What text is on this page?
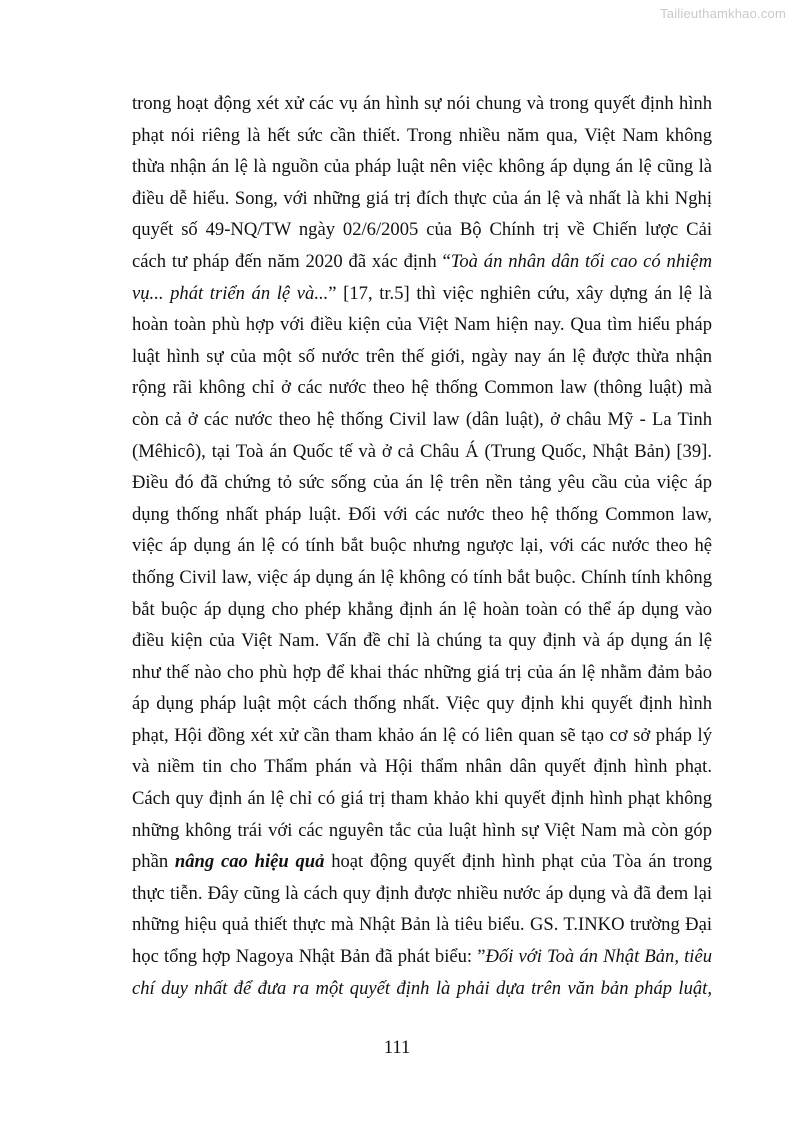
Tailieuthamkhao.com
trong hoạt động xét xử các vụ án hình sự nói chung và trong quyết định hình
phạt nói riêng là hết sức cần thiết. Trong nhiều năm qua, Việt Nam không
thừa nhận án lệ là nguồn của pháp luật nên việc không áp dụng án lệ cũng là
điều dễ hiểu. Song, với những giá trị đích thực của án lệ và nhất là khi Nghị
quyết số 49-NQ/TW ngày 02/6/2005 của Bộ Chính trị về Chiến lược Cải
cách tư pháp đến năm 2020 đã xác định “Toà án nhân dân tối cao có nhiệm
vụ... phát triển án lệ và...” [17, tr.5] thì việc nghiên cứu, xây dựng án lệ là
hoàn toàn phù hợp với điều kiện của Việt Nam hiện nay. Qua tìm hiểu pháp
luật hình sự của một số nước trên thế giới, ngày nay án lệ được thừa nhận
rộng rãi không chỉ ở các nước theo hệ thống Common law (thông luật) mà
còn cả ở các nước theo hệ thống Civil law (dân luật), ở châu Mỹ - La Tinh
(Mêhicô), tại Toà án Quốc tế và ở cả Châu Á (Trung Quốc, Nhật Bản) [39].
Điều đó đã chứng tỏ sức sống của án lệ trên nền tảng yêu cầu của việc áp
dụng thống nhất pháp luật. Đối với các nước theo hệ thống Common law,
việc áp dụng án lệ có tính bắt buộc nhưng ngược lại, với các nước theo hệ
thống Civil law, việc áp dụng án lệ không có tính bắt buộc. Chính tính không
bắt buộc áp dụng cho phép khẳng định án lệ hoàn toàn có thể áp dụng vào
điều kiện của Việt Nam. Vấn đề chỉ là chúng ta quy định và áp dụng án lệ
như thế nào cho phù hợp để khai thác những giá trị của án lệ nhằm đảm bảo
áp dụng pháp luật một cách thống nhất. Việc quy định khi quyết định hình
phạt, Hội đồng xét xử cần tham khảo án lệ có liên quan sẽ tạo cơ sở pháp lý
và niềm tin cho Thẩm phán và Hội thẩm nhân dân quyết định hình phạt.
Cách quy định án lệ chỉ có giá trị tham khảo khi quyết định hình phạt không
những không trái với các nguyên tắc của luật hình sự Việt Nam mà còn góp
phần nâng cao hiệu quả hoạt động quyết định hình phạt của Tòa án trong
thực tiễn. Đây cũng là cách quy định được nhiều nước áp dụng và đã đem lại
những hiệu quả thiết thực mà Nhật Bản là tiêu biểu. GS. T.INKO trường Đại
học tổng hợp Nagoya Nhật Bản đã phát biểu: ”Đối với Toà án Nhật Bản, tiêu
chí duy nhất để đưa ra một quyết định là phải dựa trên văn bản pháp luật,
111
